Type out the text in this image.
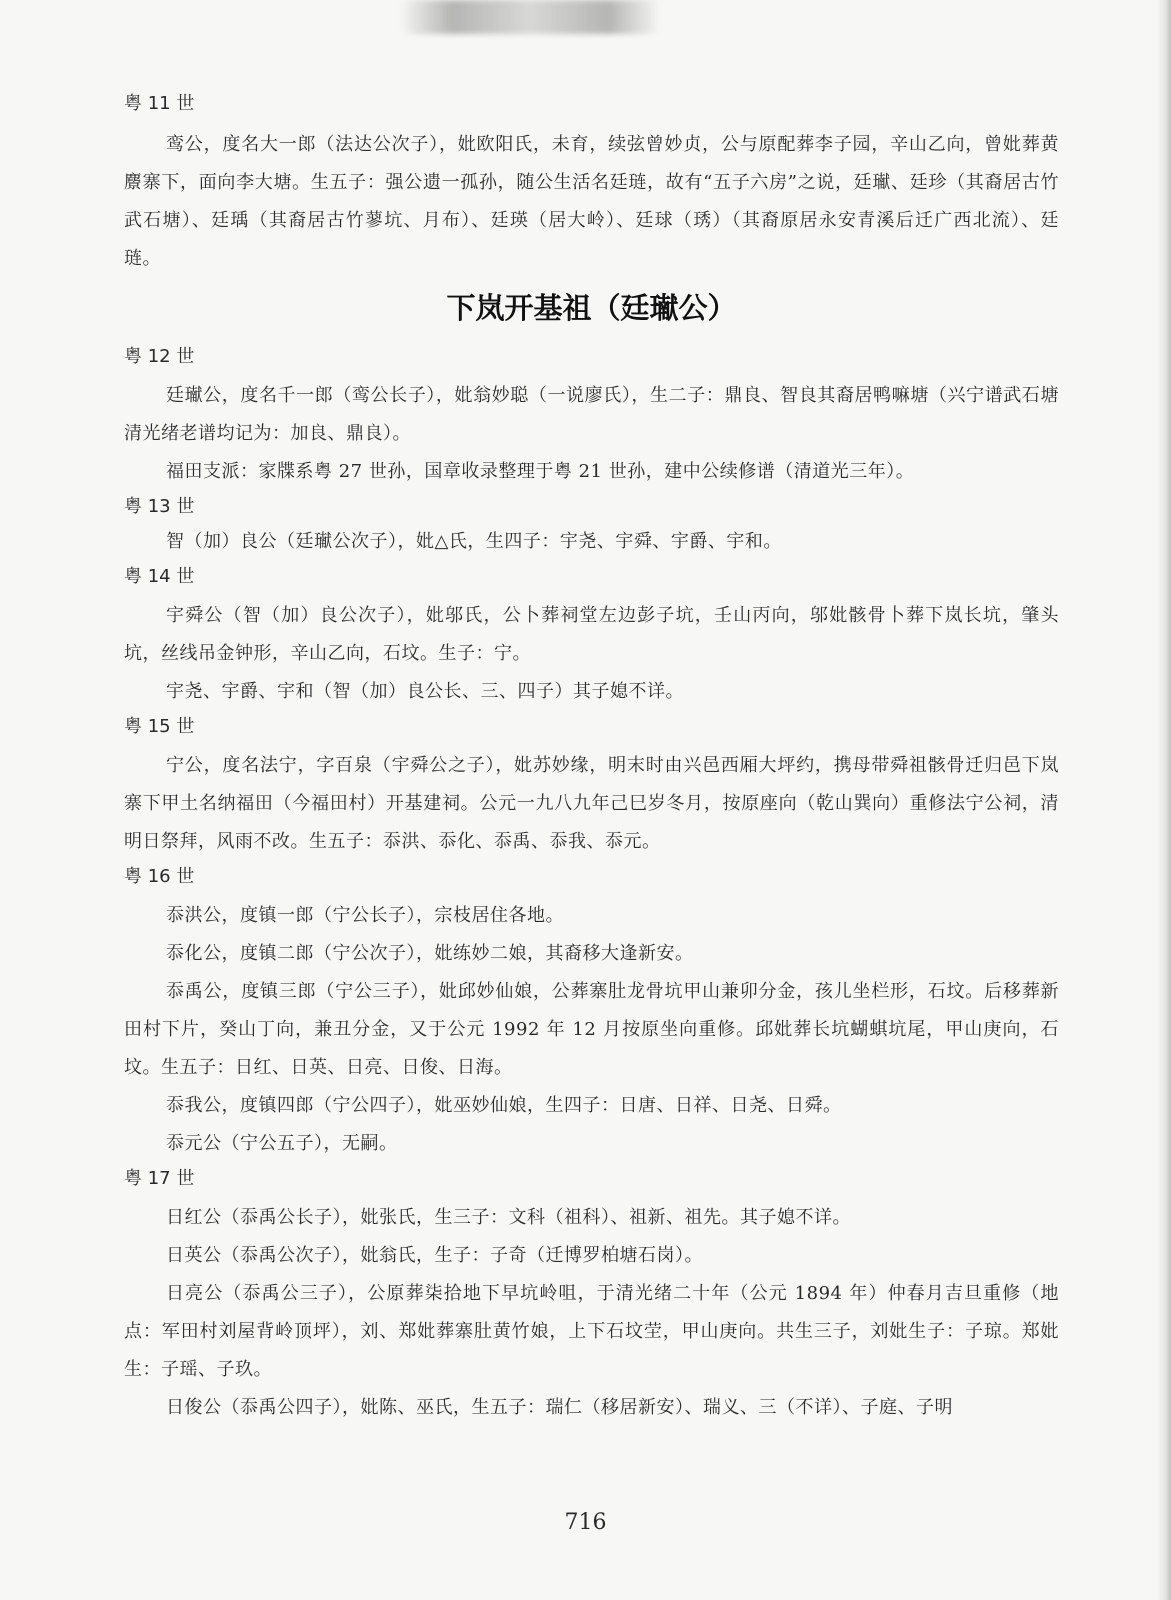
粤 11 世

鸾公，度名大一郎（法达公次子），妣欧阳氏，未育，续弦曾妙贞，公与原配葬李子园，辛山乙向，曾妣葬黄麖寨下，面向李大塘。生五子：强公遗一孤孙，随公生活名廷琏，故有“五子六房”之说，廷𤩽、廷珍（其裔居古竹武石塘）、廷瑀（其裔居古竹蓼坑、月布）、廷瑛（居大岭）、廷球（琇）（其裔原居永安青溪后迁广西北流）、廷琏。

下岚开基祖（廷𤩽公）
粤 12 世

廷𤩽公，度名千一郎（鸾公长子），妣翁妙聪（一说廖氏），生二子：鼎良、智良其裔居鸭嘛塘（兴宁谱武石塘清光绪老谱均记为：加良、鼎良）。

福田支派：家牒系粤 27 世孙，国章收录整理于粤 21 世孙，建中公续修谱（清道光三年）。

粤 13 世

智（加）良公（廷𤩽公次子），妣△氏，生四子：宇尧、宇舜、宇爵、宇和。

粤 14 世

宇舜公（智（加）良公次子），妣邬氏，公卜葬祠堂左边彭子坑，壬山丙向，邬妣骸骨卜葬下岚长坑，肇头坑，丝线吊金钟形，辛山乙向，石坟。生子：宁。

宇尧、宇爵、宇和（智（加）良公长、三、四子）其子媳不详。

粤 15 世

宁公，度名法宁，字百泉（宇舜公之子），妣苏妙缘，明末时由兴邑西厢大坪约，携母带舜祖骸骨迁归邑下岚寨下甲土名纳福田（今福田村）开基建祠。公元一九八九年己巳岁冬月，按原座向（乾山巽向）重修法宁公祠，清明日祭拜，风雨不改。生五子：忝洪、忝化、忝禹、忝我、忝元。

粤 16 世

忝洪公，度镇一郎（宁公长子），宗枝居住各地。

忝化公，度镇二郎（宁公次子），妣练妙二娘，其裔移大逢新安。

忝禹公，度镇三郎（宁公三子），妣邱妙仙娘，公葬寨肚龙骨坑甲山兼卯分金，孩儿坐栏形，石坟。后移葬新田村下片，癸山丁向，兼丑分金，又于公元 1992 年 12 月按原坐向重修。邱妣葬长坑蝴蜞坑尾，甲山庚向，石坟。生五子：日红、日英、日亮、日俊、日海。

忝我公，度镇四郎（宁公四子），妣巫妙仙娘，生四子：日唐、日祥、日尧、日舜。

忝元公（宁公五子），无嗣。

粤 17 世

日红公（忝禹公长子），妣张氏，生三子：文科（祖科）、祖新、祖先。其子媳不详。

日英公（忝禹公次子），妣翁氏，生子：子奇（迁博罗柏塘石岗）。

日亮公（忝禹公三子），公原葬柒拾地下早坑岭咀，于清光绪二十年（公元 1894 年）仲春月吉旦重修（地点：军田村刘屋背岭顶坪），刘、郑妣葬寨肚黄竹娘，上下石坟茔，甲山庚向。共生三子，刘妣生子：子琼。郑妣生：子瑶、子玖。

日俊公（忝禹公四子），妣陈、巫氏，生五子：瑞仁（移居新安）、瑞义、三（不详）、子庭、子明

716
